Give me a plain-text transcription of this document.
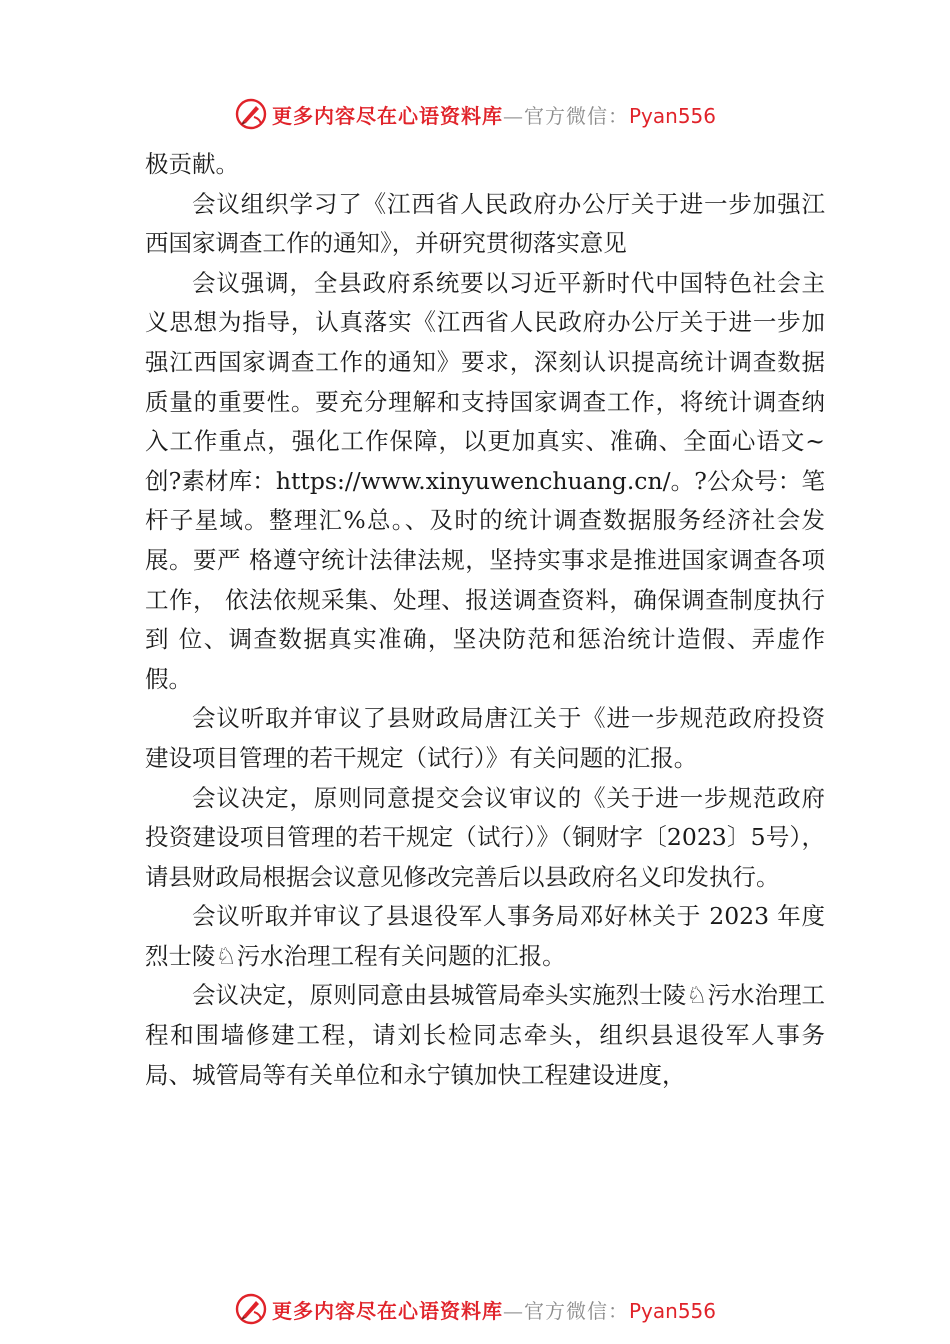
更多内容尽在心语资料库—官方微信：Pyan556

极贡献。

会议组织学习了《江西省人民政府办公厅关于进一步加强江西国家调查工作的通知》，并研究贯彻落实意见

会议强调，全县政府系统要以习近平新时代中国特色社会主义思想为指导，认真落实《江西省人民政府办公厅关于进一步加强江西国家调查工作的通知》要求，深刻认识提高统计调查数据质量的重要性。要充分理解和支持国家调查工作，将统计调查纳入工作重点，强化工作保障，以更加真实、准确、全面心语文~创?素材库：https://www.xinyuwenchuang.cn/。?公众号：笔杆子星域。整理汇%总。、及时的统计调查数据服务经济社会发展。要严 格遵守统计法律法规，坚持实事求是推进国家调查各项工作， 依法依规采集、处理、报送调查资料，确保调查制度执行到 位、调查数据真实准确，坚决防范和惩治统计造假、弄虚作 假。

会议听取并审议了县财政局唐江关于《进一步规范政府投资建设项目管理的若干规定（试行）》有关问题的汇报。

会议决定，原则同意提交会议审议的《关于进一步规范政府投资建设项目管理的若干规定（试行）》（铜财字〔2023〕5号），请县财政局根据会议意见修改完善后以县政府名义印发执行。

会议听取并审议了县退役军人事务局邓好林关于 2023 年度烈士陵♘污水治理工程有关问题的汇报。

会议决定，原则同意由县城管局牵头实施烈士陵♘污水治理工程和围墙修建工程，请刘长检同志牵头，组织县退役军人事务局、城管局等有关单位和永宁镇加快工程建设进度，

更多内容尽在心语资料库—官方微信：Pyan556
